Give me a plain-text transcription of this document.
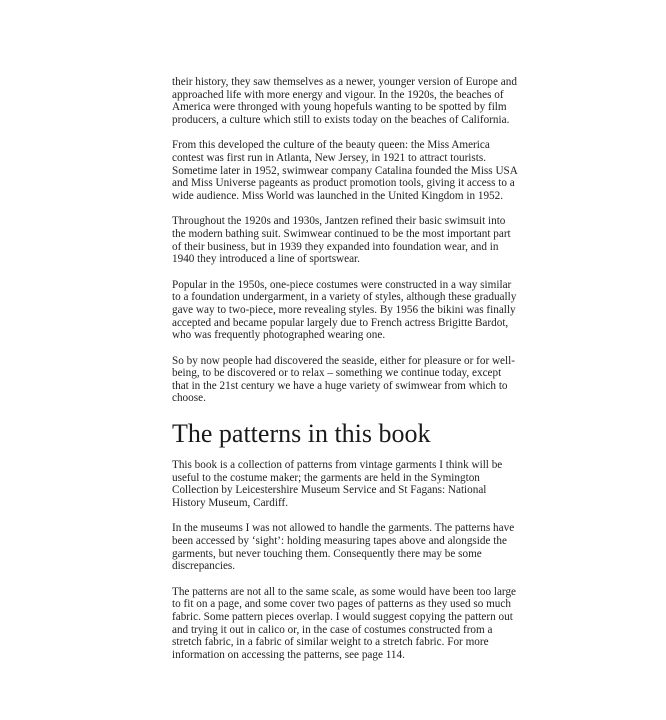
their history, they saw themselves as a newer, younger version of Europe and approached life with more energy and vigour. In the 1920s, the beaches of America were thronged with young hopefuls wanting to be spotted by film producers, a culture which still to exists today on the beaches of California.

From this developed the culture of the beauty queen: the Miss America contest was first run in Atlanta, New Jersey, in 1921 to attract tourists. Sometime later in 1952, swimwear company Catalina founded the Miss USA and Miss Universe pageants as product promotion tools, giving it access to a wide audience. Miss World was launched in the United Kingdom in 1952.

Throughout the 1920s and 1930s, Jantzen refined their basic swimsuit into the modern bathing suit. Swimwear continued to be the most important part of their business, but in 1939 they expanded into foundation wear, and in 1940 they introduced a line of sportswear.

Popular in the 1950s, one-piece costumes were constructed in a way similar to a foundation undergarment, in a variety of styles, although these gradually gave way to two-piece, more revealing styles. By 1956 the bikini was finally accepted and became popular largely due to French actress Brigitte Bardot, who was frequently photographed wearing one.

So by now people had discovered the seaside, either for pleasure or for well-being, to be discovered or to relax – something we continue today, except that in the 21st century we have a huge variety of swimwear from which to choose.

The patterns in this book

This book is a collection of patterns from vintage garments I think will be useful to the costume maker; the garments are held in the Symington Collection by Leicestershire Museum Service and St Fagans: National History Museum, Cardiff.

In the museums I was not allowed to handle the garments. The patterns have been accessed by ‘sight’: holding measuring tapes above and alongside the garments, but never touching them. Consequently there may be some discrepancies.

The patterns are not all to the same scale, as some would have been too large to fit on a page, and some cover two pages of patterns as they used so much fabric. Some pattern pieces overlap. I would suggest copying the pattern out and trying it out in calico or, in the case of costumes constructed from a stretch fabric, in a fabric of similar weight to a stretch fabric. For more information on accessing the patterns, see page 114.
